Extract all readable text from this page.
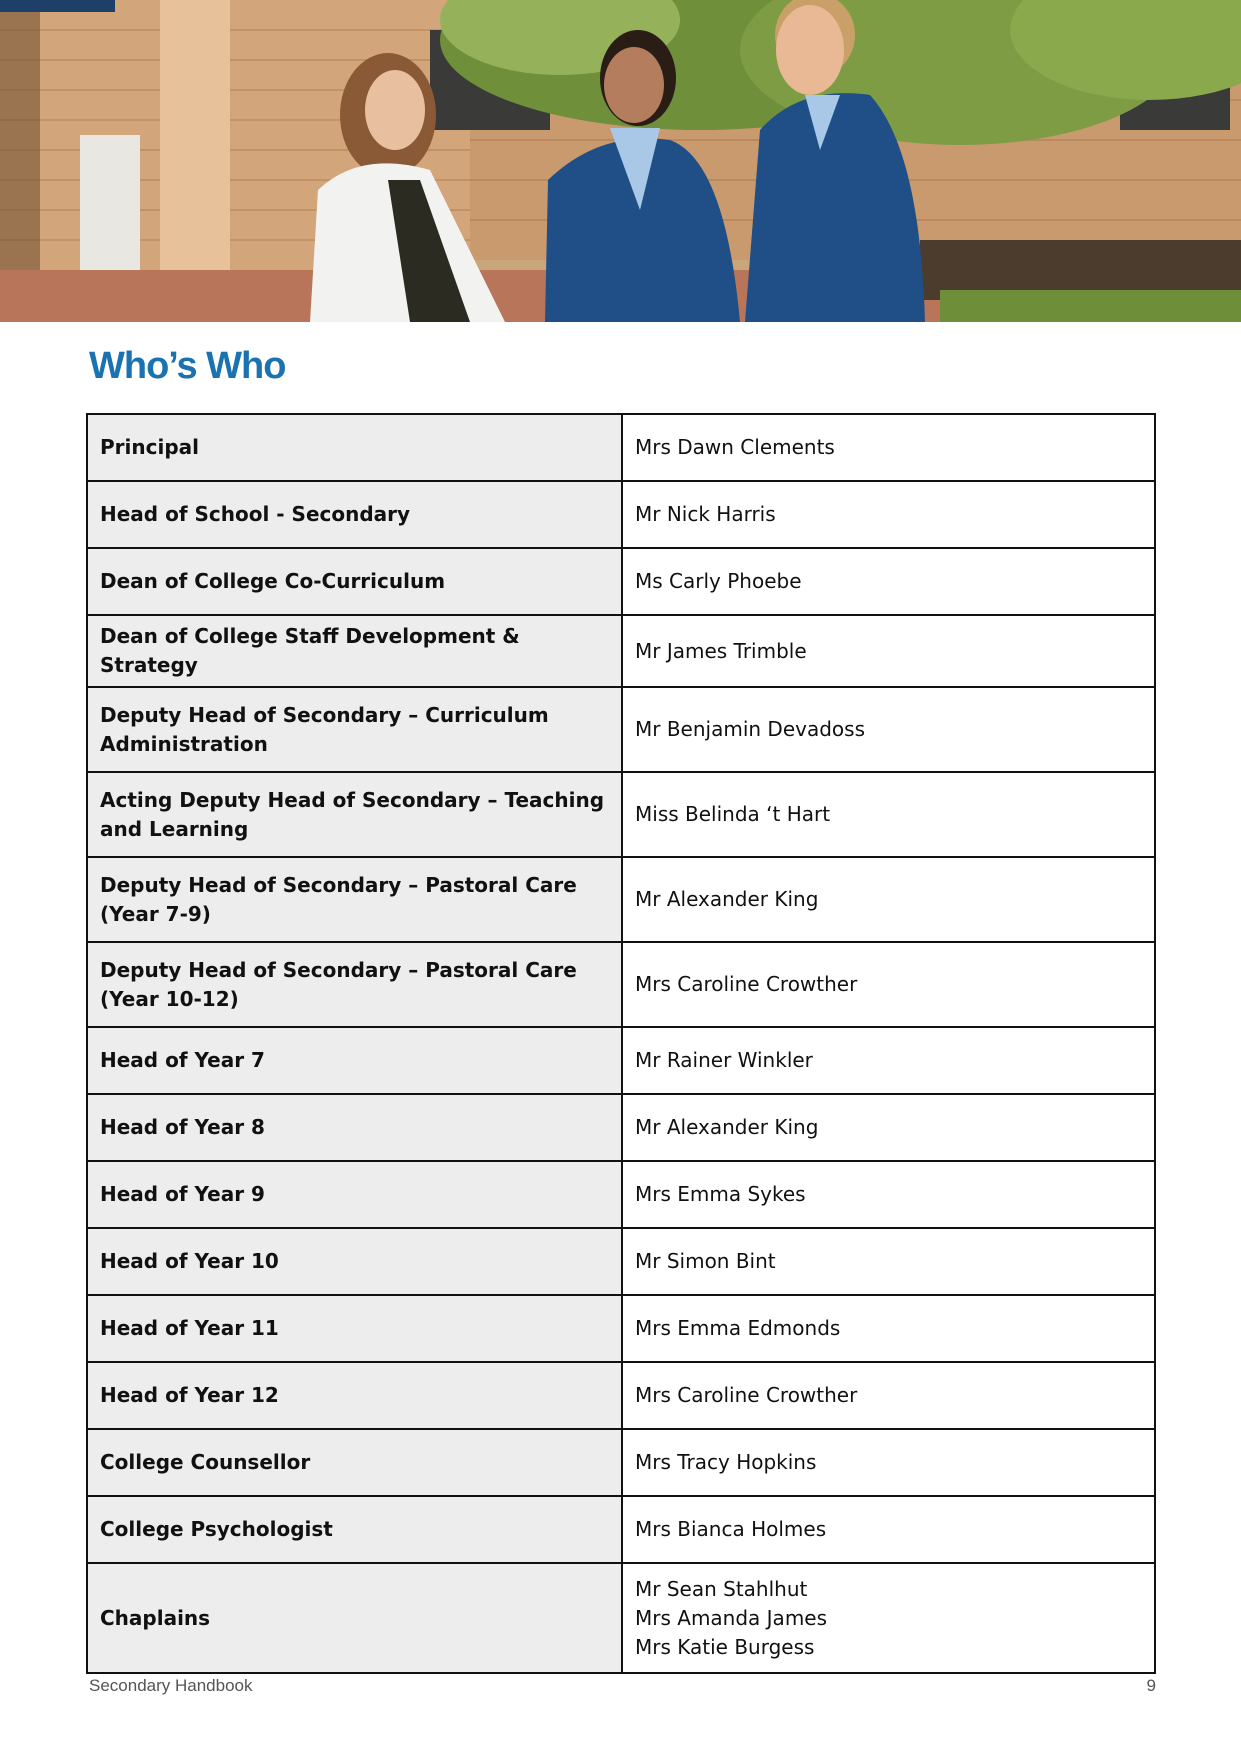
Who’s Who
Principal	Mrs Dawn Clements
Head of School - Secondary	Mr Nick Harris
Dean of College Co-Curriculum	Ms Carly Phoebe
Dean of College Staff Development & Strategy	Mr James Trimble
Deputy Head of Secondary – Curriculum Administration	Mr Benjamin Devadoss
Acting Deputy Head of Secondary – Teaching and Learning	Miss Belinda ‘t Hart
Deputy Head of Secondary – Pastoral Care (Year 7-9)	Mr Alexander King
Deputy Head of Secondary – Pastoral Care (Year 10-12)	Mrs Caroline Crowther
Head of Year 7	Mr Rainer Winkler
Head of Year 8	Mr Alexander King
Head of Year 9	Mrs Emma Sykes
Head of Year 10	Mr Simon Bint
Head of Year 11	Mrs Emma Edmonds
Head of Year 12	Mrs Caroline Crowther
College Counsellor	Mrs Tracy Hopkins
College Psychologist	Mrs Bianca Holmes
Chaplains	Mr Sean Stahlhut
Mrs Amanda James
Mrs Katie Burgess
Secondary Handbook	9
